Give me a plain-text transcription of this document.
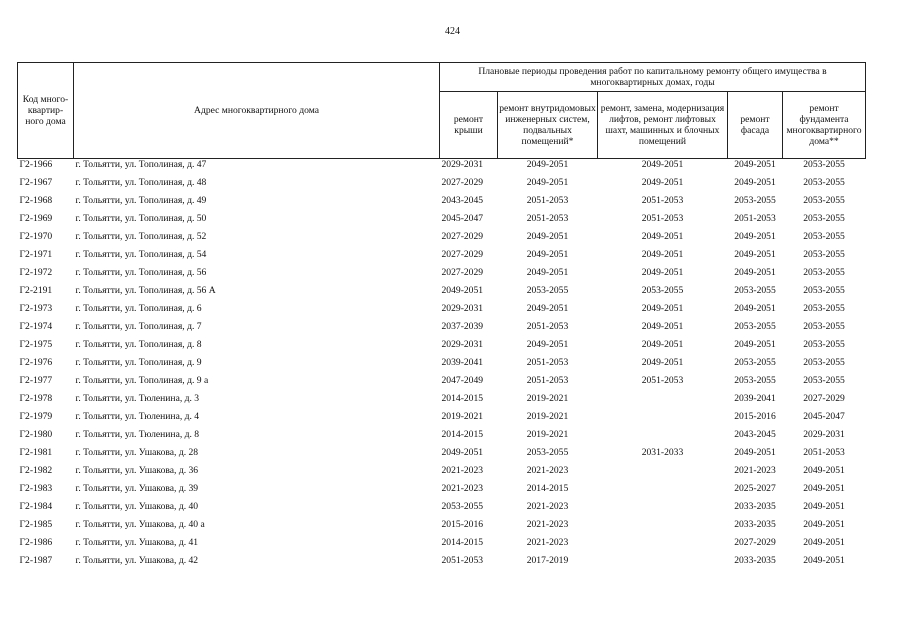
424
Код много-квартир-ного дома	Адрес многоквартирного дома	Плановые периоды проведения работ по капитальному ремонту общего имущества в многоквартирных домах, годы				
		ремонт крыши	ремонт внутридомовых инженерных систем, подвальных помещений*	ремонт, замена, модернизация лифтов, ремонт лифтовых шахт, машинных и блочных помещений	ремонт фасада	ремонт фундамента многоквартирного дома**
Г2-1966	г. Тольятти, ул. Тополиная, д. 47	2029-2031	2049-2051	2049-2051	2049-2051	2053-2055
Г2-1967	г. Тольятти, ул. Тополиная, д. 48	2027-2029	2049-2051	2049-2051	2049-2051	2053-2055
Г2-1968	г. Тольятти, ул. Тополиная, д. 49	2043-2045	2051-2053	2051-2053	2053-2055	2053-2055
Г2-1969	г. Тольятти, ул. Тополиная, д. 50	2045-2047	2051-2053	2051-2053	2051-2053	2053-2055
Г2-1970	г. Тольятти, ул. Тополиная, д. 52	2027-2029	2049-2051	2049-2051	2049-2051	2053-2055
Г2-1971	г. Тольятти, ул. Тополиная, д. 54	2027-2029	2049-2051	2049-2051	2049-2051	2053-2055
Г2-1972	г. Тольятти, ул. Тополиная, д. 56	2027-2029	2049-2051	2049-2051	2049-2051	2053-2055
Г2-2191	г. Тольятти, ул. Тополиная, д. 56 А	2049-2051	2053-2055	2053-2055	2053-2055	2053-2055
Г2-1973	г. Тольятти, ул. Тополиная, д. 6	2029-2031	2049-2051	2049-2051	2049-2051	2053-2055
Г2-1974	г. Тольятти, ул. Тополиная, д. 7	2037-2039	2051-2053	2049-2051	2053-2055	2053-2055
Г2-1975	г. Тольятти, ул. Тополиная, д. 8	2029-2031	2049-2051	2049-2051	2049-2051	2053-2055
Г2-1976	г. Тольятти, ул. Тополиная, д. 9	2039-2041	2051-2053	2049-2051	2053-2055	2053-2055
Г2-1977	г. Тольятти, ул. Тополиная, д. 9 а	2047-2049	2051-2053	2051-2053	2053-2055	2053-2055
Г2-1978	г. Тольятти, ул. Тюленина, д. 3	2014-2015	2019-2021		2039-2041	2027-2029
Г2-1979	г. Тольятти, ул. Тюленина, д. 4	2019-2021	2019-2021		2015-2016	2045-2047
Г2-1980	г. Тольятти, ул. Тюленина, д. 8	2014-2015	2019-2021		2043-2045	2029-2031
Г2-1981	г. Тольятти, ул. Ушакова, д. 28	2049-2051	2053-2055	2031-2033	2049-2051	2051-2053
Г2-1982	г. Тольятти, ул. Ушакова, д. 36	2021-2023	2021-2023		2021-2023	2049-2051
Г2-1983	г. Тольятти, ул. Ушакова, д. 39	2021-2023	2014-2015		2025-2027	2049-2051
Г2-1984	г. Тольятти, ул. Ушакова, д. 40	2053-2055	2021-2023		2033-2035	2049-2051
Г2-1985	г. Тольятти, ул. Ушакова, д. 40 а	2015-2016	2021-2023		2033-2035	2049-2051
Г2-1986	г. Тольятти, ул. Ушакова, д. 41	2014-2015	2021-2023		2027-2029	2049-2051
Г2-1987	г. Тольятти, ул. Ушакова, д. 42	2051-2053	2017-2019		2033-2035	2049-2051
